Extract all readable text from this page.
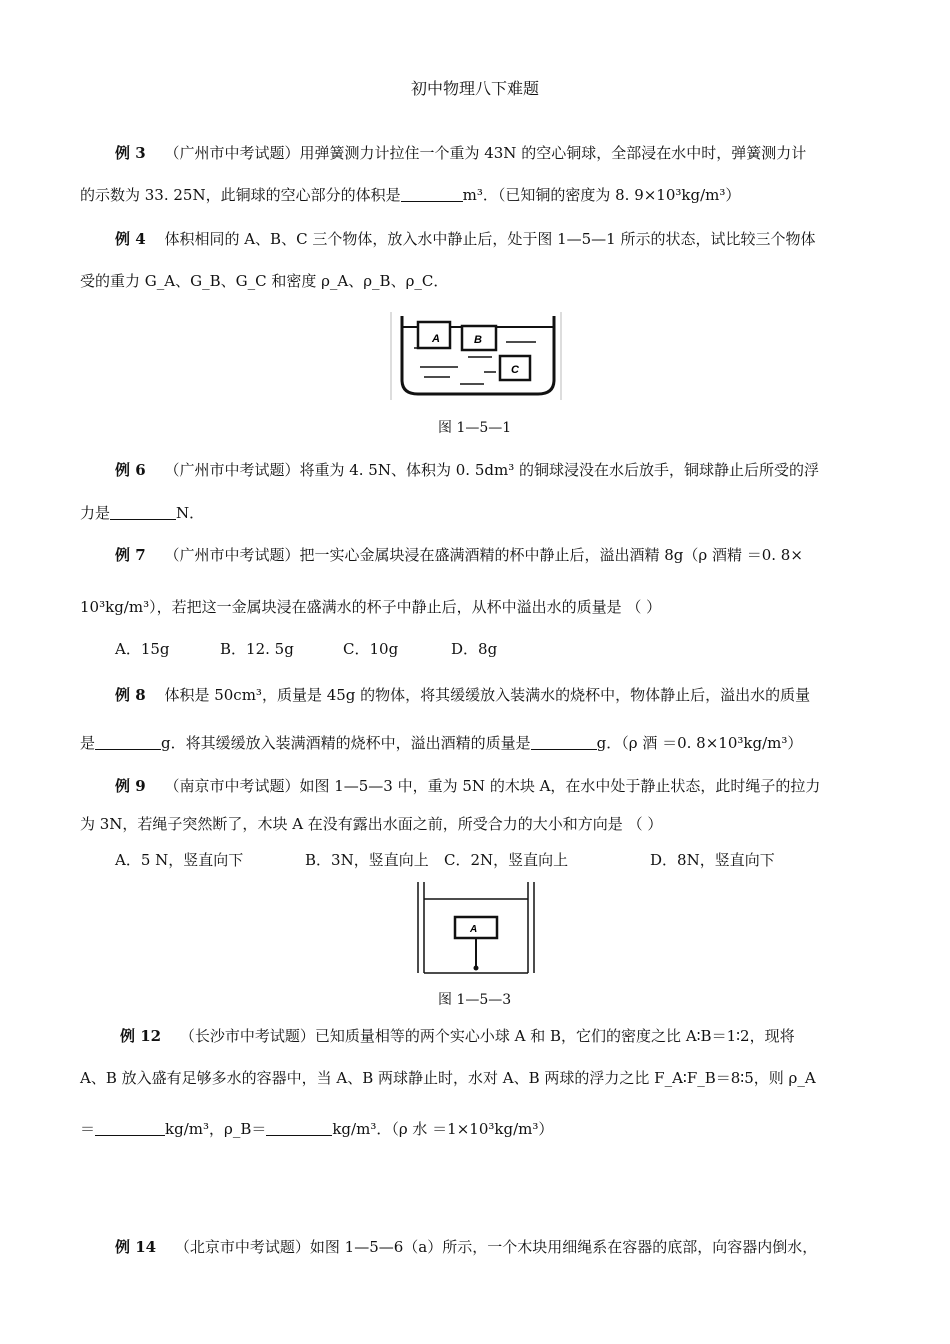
初中物理八下难题
例 3 （广州市中考试题）用弹簧测力计拉住一个重为 43N 的空心铜球，全部浸在水中时，弹簧测力计
的示数为 33. 25N，此铜球的空心部分的体积是	m³．（已知铜的密度为 8. 9×10³kg/m³）
例 4 体积相同的 A、B、C 三个物体，放入水中静止后，处于图 1—5—1 所示的状态，试比较三个物体
受的重力 G_A、G_B、G_C 和密度 ρ_A、ρ_B、ρ_C．
A	B
C
图 1—5—1
例 6 （广州市中考试题）将重为 4. 5N、体积为 0. 5dm³ 的铜球浸没在水后放手，铜球静止后所受的浮
力是	N．
例 7 （广州市中考试题）把一实心金属块浸在盛满酒精的杯中静止后，溢出酒精 8g（ρ 酒精 ＝0. 8×
10³kg/m³），若把这一金属块浸在盛满水的杯子中静止后，从杯中溢出水的质量是 （ ）
A．15g	B．12. 5g	C．10g	D．8g
例 8 体积是 50cm³，质量是 45g 的物体，将其缓缓放入装满水的烧杯中，物体静止后，溢出水的质量
是	g．将其缓缓放入装满酒精的烧杯中，溢出酒精的质量是	g．（ρ 酒 ＝0. 8×10³kg/m³）
例 9 （南京市中考试题）如图 1—5—3 中，重为 5N 的木块 A，在水中处于静止状态，此时绳子的拉力
为 3N，若绳子突然断了，木块 A 在没有露出水面之前，所受合力的大小和方向是 （ ）
A．5 N，竖直向下	B．3N，竖直向上 C．2N，竖直向上	D．8N，竖直向下
A
图 1—5—3
例 12 （长沙市中考试题）已知质量相等的两个实心小球 A 和 B，它们的密度之比 A∶B＝1∶2，现将
A、B 放入盛有足够多水的容器中，当 A、B 两球静止时，水对 A、B 两球的浮力之比 F_A∶F_B＝8∶5，则 ρ_A
＝	kg/m³，ρ_B＝	kg/m³．（ρ 水 ＝1×10³kg/m³）
例 14 （北京市中考试题）如图 1—5—6（a）所示，一个木块用细绳系在容器的底部，向容器内倒水，
